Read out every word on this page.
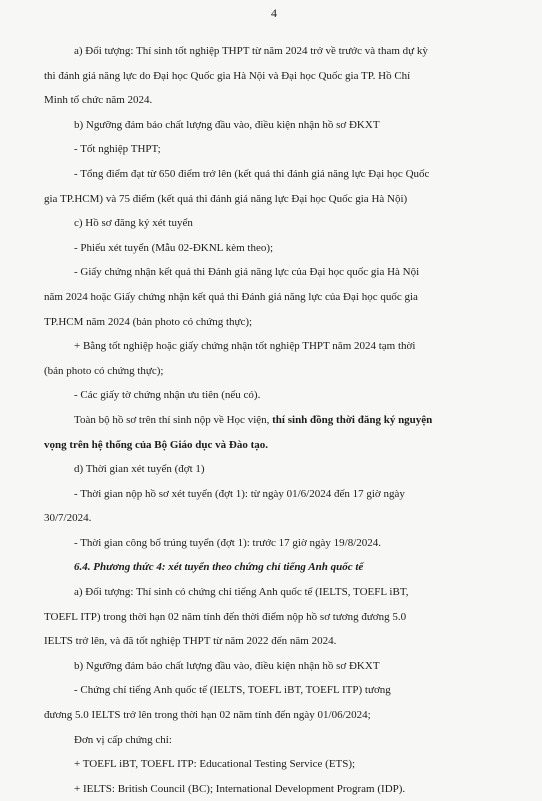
4
a) Đối tượng: Thí sinh tốt nghiệp THPT từ năm 2024 trở về trước và tham dự kỳ
thi đánh giá năng lực do Đại học Quốc gia Hà Nội và Đại học Quốc gia TP. Hồ Chí
Minh tổ chức năm 2024.
b) Ngưỡng đảm bảo chất lượng đầu vào, điều kiện nhận hồ sơ ĐKXT
- Tốt nghiệp THPT;
- Tổng điểm đạt từ 650 điểm trở lên (kết quả thi đánh giá năng lực Đại học Quốc
gia TP.HCM) và 75 điểm (kết quả thi đánh giá năng lực Đại học Quốc gia Hà Nội)
c) Hồ sơ đăng ký xét tuyển
- Phiếu xét tuyển (Mẫu 02-ĐKNL kèm theo);
- Giấy chứng nhận kết quả thi Đánh giá năng lực của Đại học quốc gia Hà Nội
năm 2024 hoặc Giấy chứng nhận kết quả thi Đánh giá năng lực của Đại học quốc gia
TP.HCM năm 2024 (bản photo có chứng thực);
+ Bằng tốt nghiệp hoặc giấy chứng nhận tốt nghiệp THPT năm 2024 tạm thời
(bản photo có chứng thực);
- Các giấy tờ chứng nhận ưu tiên (nếu có).
Toàn bộ hồ sơ trên thí sinh nộp về Học viện, thí sinh đồng thời đăng ký nguyện
vọng trên hệ thống của Bộ Giáo dục và Đào tạo.
d) Thời gian xét tuyển (đợt 1)
- Thời gian nộp hồ sơ xét tuyển (đợt 1): từ ngày 01/6/2024 đến 17 giờ ngày
30/7/2024.
- Thời gian công bố trúng tuyển (đợt 1): trước 17 giờ ngày 19/8/2024.
6.4. Phương thức 4: xét tuyển theo chứng chỉ tiếng Anh quốc tế
a) Đối tượng: Thí sinh có chứng chỉ tiếng Anh quốc tế (IELTS, TOEFL iBT,
TOEFL ITP) trong thời hạn 02 năm tính đến thời điểm nộp hồ sơ tương đương 5.0
IELTS trở lên, và đã tốt nghiệp THPT từ năm 2022 đến năm 2024.
b) Ngưỡng đảm bảo chất lượng đầu vào, điều kiện nhận hồ sơ ĐKXT
- Chứng chỉ tiếng Anh quốc tế (IELTS, TOEFL iBT, TOEFL ITP) tương
đương 5.0 IELTS trở lên trong thời hạn 02 năm tính đến ngày 01/06/2024;
Đơn vị cấp chứng chỉ:
+ TOEFL iBT, TOEFL ITP: Educational Testing Service (ETS);
+ IELTS: British Council (BC); International Development Program (IDP).
